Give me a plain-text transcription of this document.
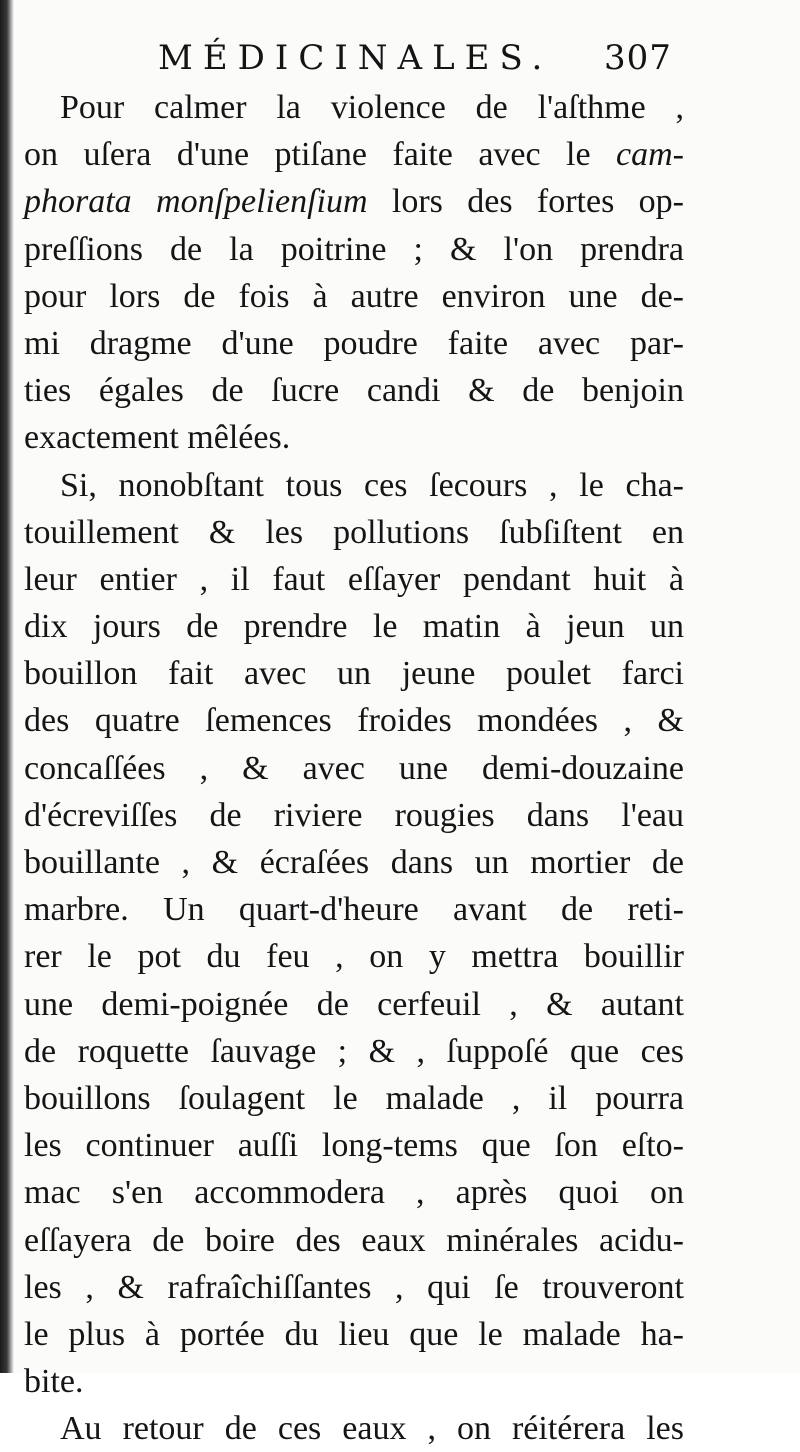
MÉDICINALES. 307
Pour calmer la violence de l'aſthme ,
on uſera d'une ptiſane faite avec le cam-
phorata monſpelienſium lors des fortes op-
preſſions de la poitrine ; & l'on prendra
pour lors de fois à autre environ une de-
mi dragme d'une poudre faite avec par-
ties égales de ſucre candi & de benjoin
exactement mêlées.
Si, nonobſtant tous ces ſecours , le cha-
touillement & les pollutions ſubſiſtent en
leur entier , il faut eſſayer pendant huit à
dix jours de prendre le matin à jeun un
bouillon fait avec un jeune poulet farci
des quatre ſemences froides mondées , &
concaſſées , & avec une demi-douzaine
d'écreviſſes de riviere rougies dans l'eau
bouillante , & écraſées dans un mortier de
marbre. Un quart-d'heure avant de reti-
rer le pot du feu , on y mettra bouillir
une demi-poignée de cerfeuil , & autant
de roquette ſauvage ; & , ſuppoſé que ces
bouillons ſoulagent le malade , il pourra
les continuer auſſi long-tems que ſon eſto-
mac s'en accommodera , après quoi on
eſſayera de boire des eaux minérales acidu-
les , & rafraîchiſſantes , qui ſe trouveront
le plus à portée du lieu que le malade ha-
bite.
Au retour de ces eaux , on réitérera les
